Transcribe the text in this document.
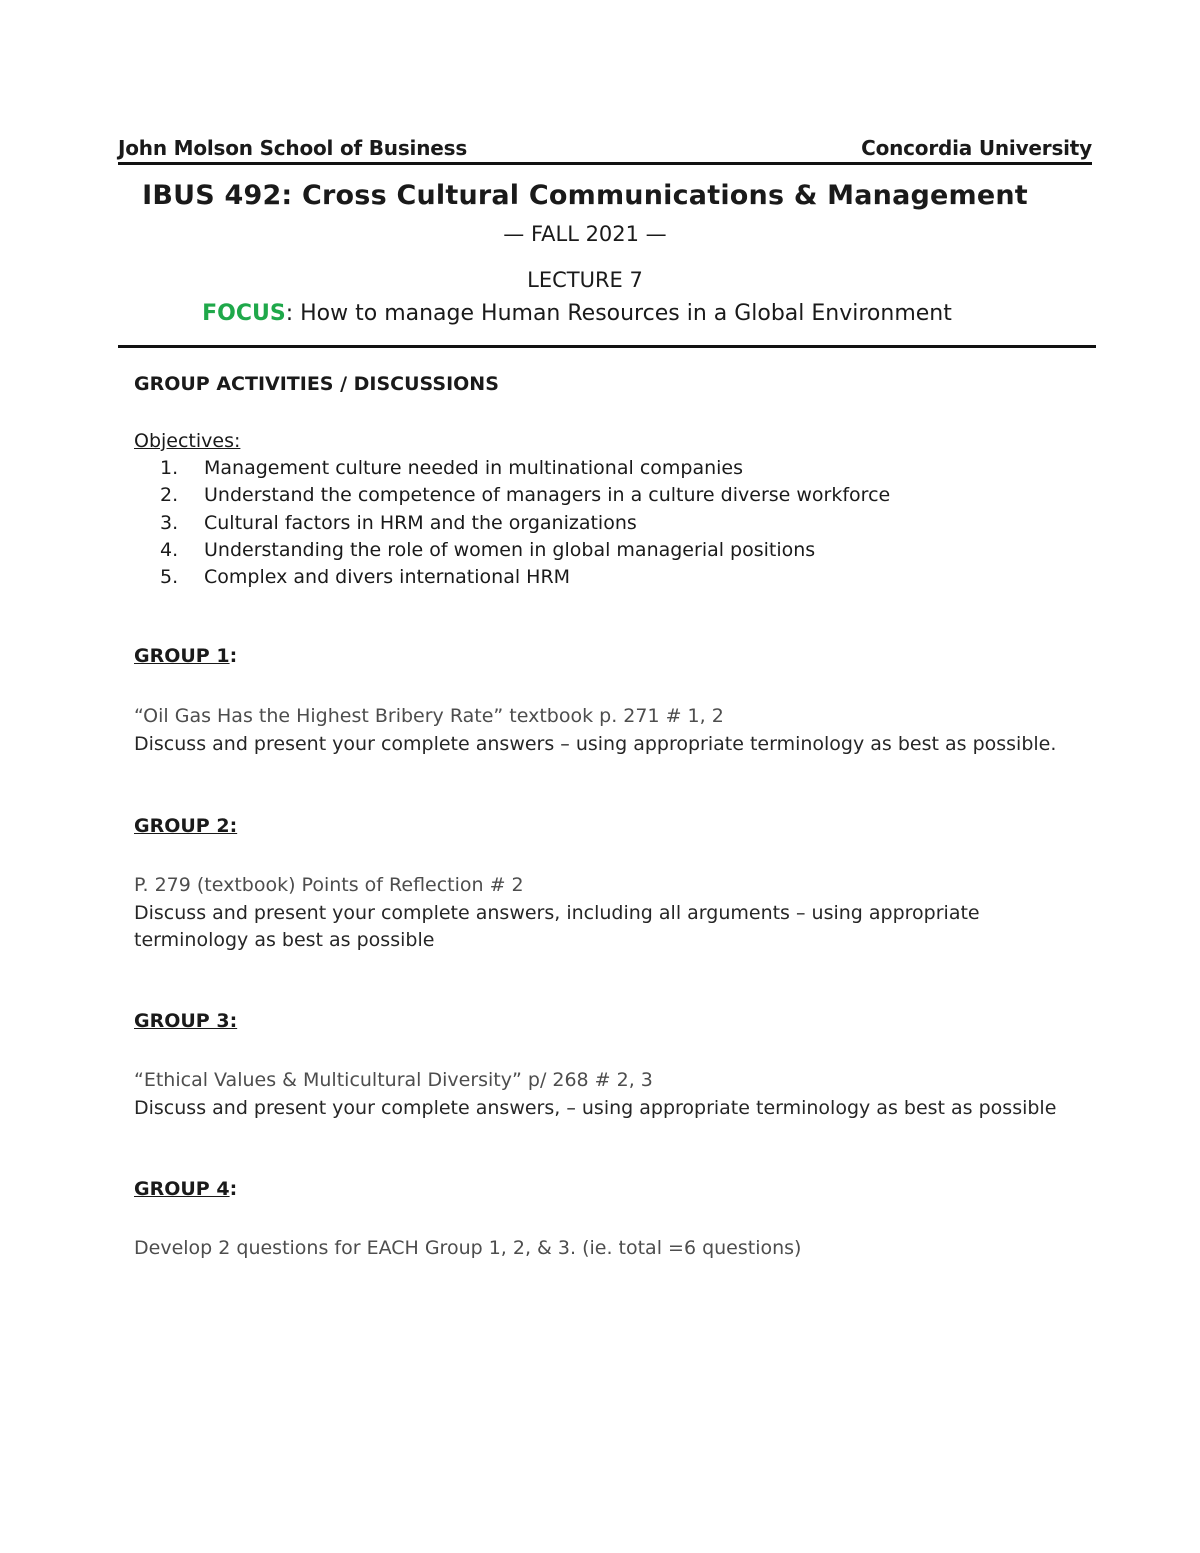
John Molson School of Business	Concordia University
IBUS 492: Cross Cultural Communications & Management
— FALL 2021 —
LECTURE 7
FOCUS: How to manage Human Resources in a Global Environment
GROUP ACTIVITIES / DISCUSSIONS
Objectives:
1. Management culture needed in multinational companies
2. Understand the competence of managers in a culture diverse workforce
3. Cultural factors in HRM and the organizations
4. Understanding the role of women in global managerial positions
5. Complex and divers international HRM
GROUP 1:
“Oil Gas Has the Highest Bribery Rate” textbook p. 271 # 1, 2
Discuss and present your complete answers – using appropriate terminology as best as possible.
GROUP 2:
P. 279 (textbook) Points of Reflection # 2
Discuss and present your complete answers, including all arguments – using appropriate terminology as best as possible
GROUP 3:
“Ethical Values & Multicultural Diversity” p/ 268 # 2, 3
Discuss and present your complete answers, – using appropriate terminology as best as possible
GROUP 4:
Develop 2 questions for EACH Group 1, 2, & 3. (ie. total =6 questions)
